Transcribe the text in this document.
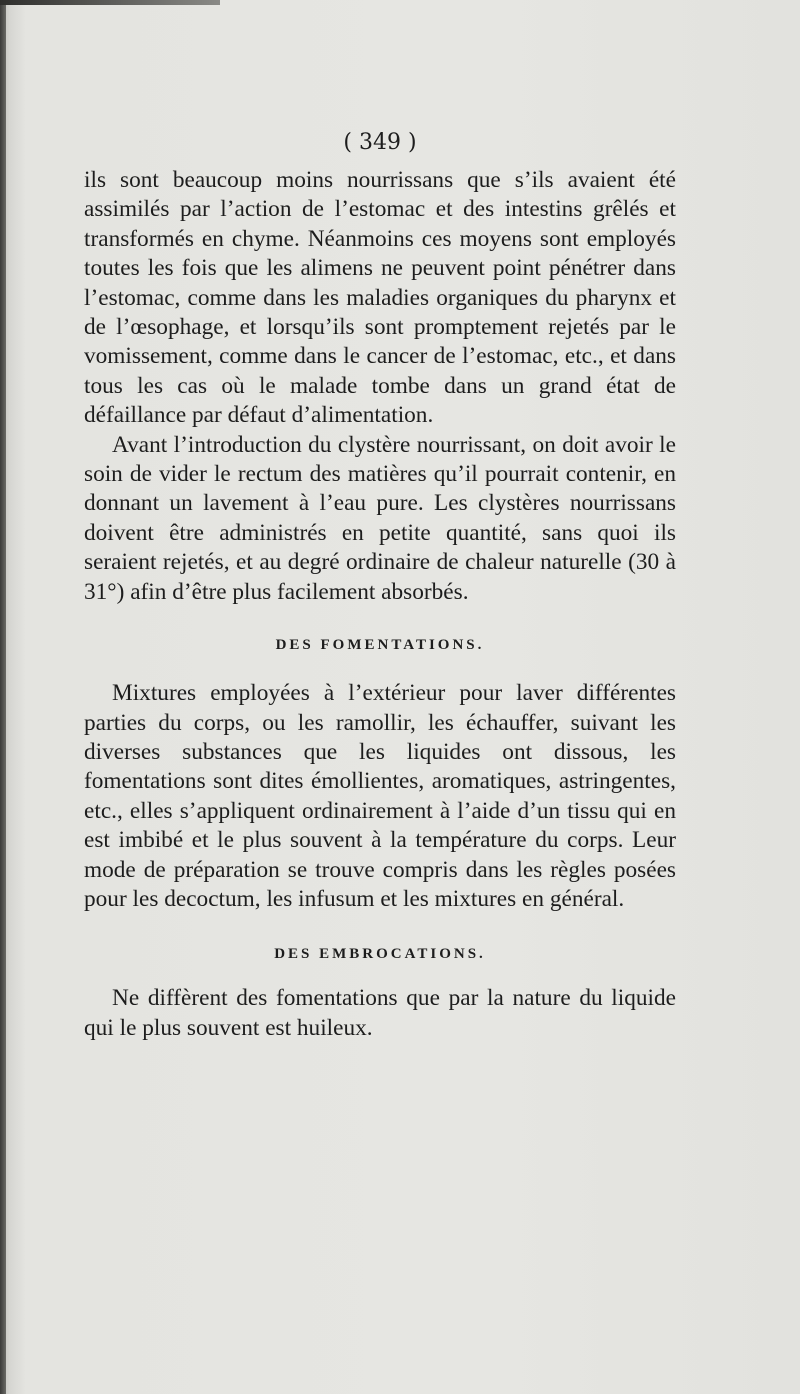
( 349 )

ils sont beaucoup moins nourrissans que s’ils avaient été assimilés par l’action de l’estomac et des intestins grêlés et transformés en chyme. Néanmoins ces moyens sont employés toutes les fois que les alimens ne peuvent point pénétrer dans l’estomac, comme dans les maladies organiques du pharynx et de l’œsophage, et lorsqu’ils sont promptement rejetés par le vomissement, comme dans le cancer de l’estomac, etc., et dans tous les cas où le malade tombe dans un grand état de défaillance par défaut d’alimentation.

Avant l’introduction du clystère nourrissant, on doit avoir le soin de vider le rectum des matières qu’il pourrait contenir, en donnant un lavement à l’eau pure. Les clystères nourrissans doivent être administrés en petite quantité, sans quoi ils seraient rejetés, et au degré ordinaire de chaleur naturelle (30 à 31°) afin d’être plus facilement absorbés.

DES FOMENTATIONS.

Mixtures employées à l’extérieur pour laver différentes parties du corps, ou les ramollir, les échauffer, suivant les diverses substances que les liquides ont dissous, les fomentations sont dites émollientes, aromatiques, astringentes, etc., elles s’appliquent ordinairement à l’aide d’un tissu qui en est imbibé et le plus souvent à la température du corps. Leur mode de préparation se trouve compris dans les règles posées pour les decoctum, les infusum et les mixtures en général.

DES EMBROCATIONS.

Ne diffèrent des fomentations que par la nature du liquide qui le plus souvent est huileux.
